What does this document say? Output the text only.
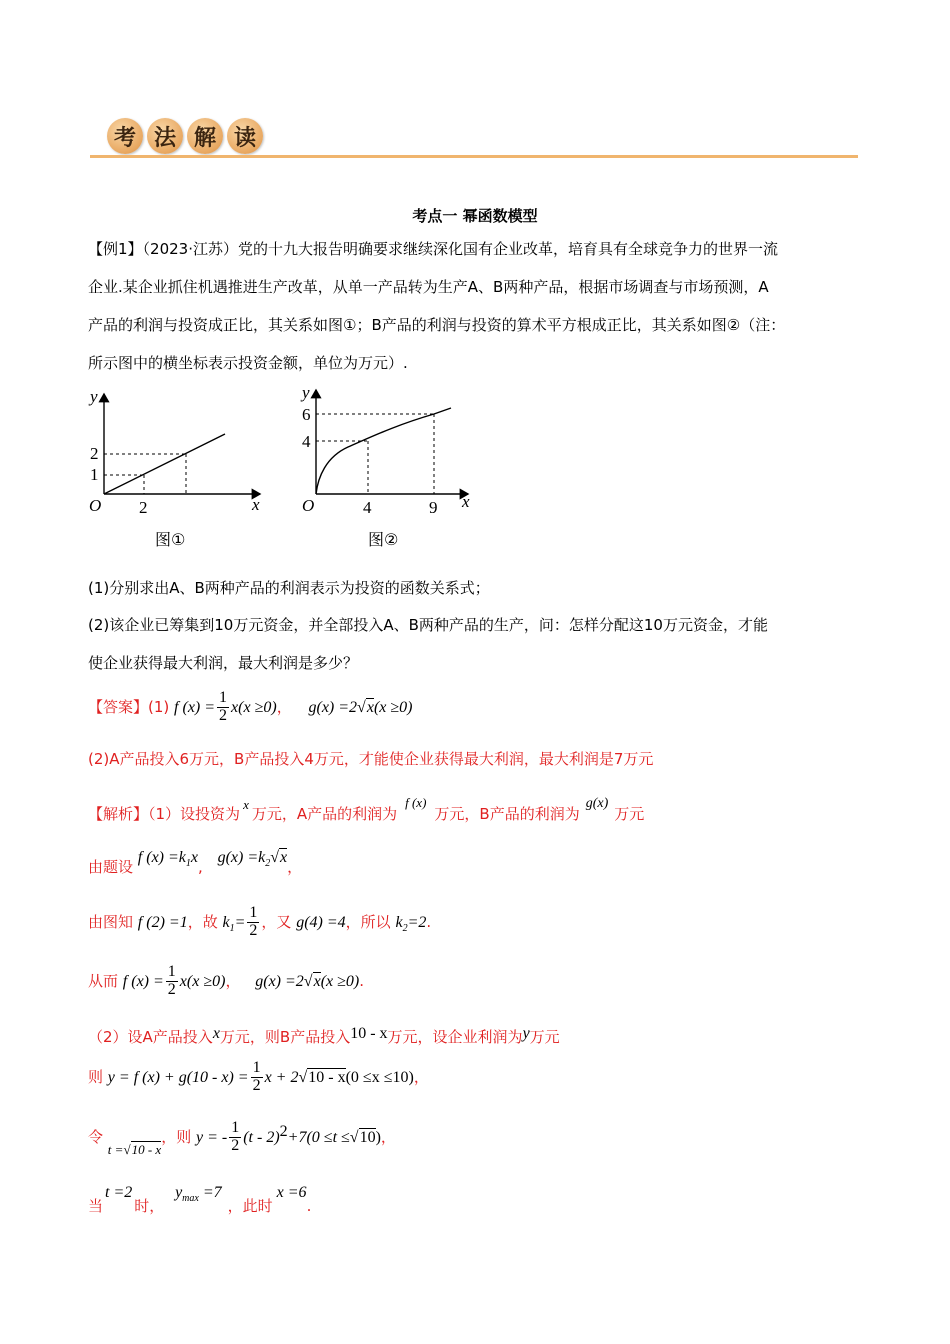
考 法 解 读
考点一 幂函数模型

【例1】（2023·江苏）党的十九大报告明确要求继续深化国有企业改革，培育具有全球竞争力的世界一流

企业.某企业抓住机遇推进生产改革，从单一产品转为生产A、B两种产品，根据市场调查与市场预测，A

产品的利润与投资成正比，其关系如图①；B产品的利润与投资的算术平方根成正比，其关系如图②（注：

所示图中的横坐标表示投资金额，单位为万元）.

y
x
O
2
1
2
图①
y
x
O
6
4
4	9
图②
(1)分别求出A、B两种产品的利润表示为投资的函数关系式；
(2)该企业已筹集到10万元资金，并全部投入A、B两种产品的生产，问：怎样分配这10万元资金，才能
使企业获得最大利润，最大利润是多少？
【答案】(1) f $(x) = \frac{1}{2} x(x \ge 0)$， g(x) =2√x(x ≥0)
(2)A产品投入6万元，B产品投入4万元，才能使企业获得最大利润，最大利润是7万元
【解析】（1）设投资为x万元，A产品的利润为f (x)万元，B产品的利润为g(x)万元
由题设 f $(x) =k_1x$, $g(x) =k_2√x$，
由图知 f (2) =1，故 $k_1= \frac{1}{2}$ ，又 g(4) =4，所以 $k_2=2$.
从而 f $(x) = \frac{1}{2} x(x \ge 0)$， g(x) =2√x(x ≥0).
（2）设A产品投入x万元，则B产品投入10 - x万元，设企业利润为y万元
则 y = f $(x) + g(10 - x) = \frac{1}{2}$ x + 2√10 - x(0 ≤x ≤10)，
令 t =√10 - x，则 y = - $\frac{1}{2} (t - 2)^2+7(0 \le t \le√10)$，
当t =2时， $y_{max} =7$，此时x =6.
